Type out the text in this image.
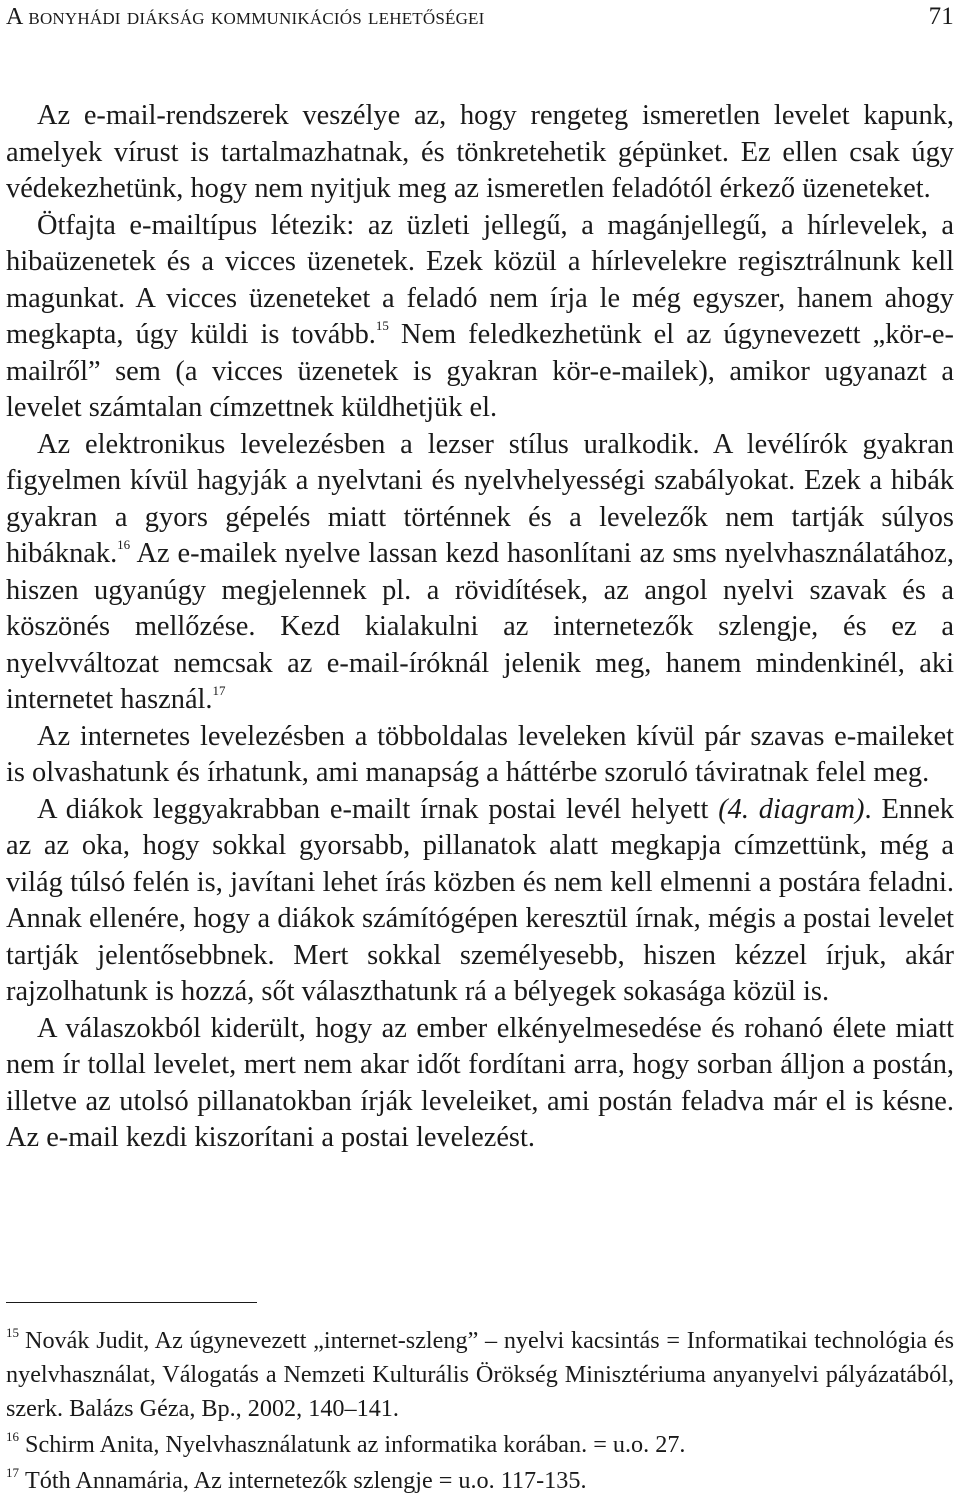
A bonyhádi diákság kommunikációs lehetőségei	71

Az e-mail-rendszerek veszélye az, hogy rengeteg ismeretlen levelet kapunk, amelyek vírust is tartalmazhatnak, és tönkretehetik gépünket. Ez ellen csak úgy védekezhetünk, hogy nem nyitjuk meg az ismeretlen feladótól érkező üzeneteket.

Ötfajta e-mailtípus létezik: az üzleti jellegű, a magánjellegű, a hírlevelek, a hibaüzenetek és a vicces üzenetek. Ezek közül a hírlevelekre regisztrálnunk kell magunkat. A vicces üzeneteket a feladó nem írja le még egyszer, hanem ahogy megkapta, úgy küldi is tovább.$^{15}$ Nem feledkezhetünk el az úgynevezett „kör-e-mailről” sem (a vicces üzenetek is gyakran kör-e-mailek), amikor ugyanazt a levelet számtalan címzettnek küldhetjük el.

Az elektronikus levelezésben a lezser stílus uralkodik. A levélírók gyakran figyelmen kívül hagyják a nyelvtani és nyelvhelyességi szabályokat. Ezek a hibák gyakran a gyors gépelés miatt történnek és a levelezők nem tartják súlyos hibáknak.$^{16}$ Az e-mailek nyelve lassan kezd hasonlítani az sms nyelvhasználatához, hiszen ugyanúgy megjelennek pl. a rövidítések, az angol nyelvi szavak és a köszönés mellőzése. Kezd kialakulni az internetezők szlengje, és ez a nyelvváltozat nemcsak az e-mail-íróknál jelenik meg, hanem mindenkinél, aki internetet használ.$^{17}$

Az internetes levelezésben a többoldalas leveleken kívül pár szavas e-maileket is olvashatunk és írhatunk, ami manapság a háttérbe szoruló táviratnak felel meg.

A diákok leggyakrabban e-mailt írnak postai levél helyett (4. diagram). Ennek az az oka, hogy sokkal gyorsabb, pillanatok alatt megkapja címzettünk, még a világ túlsó felén is, javítani lehet írás közben és nem kell elmenni a postára feladni. Annak ellenére, hogy a diákok számítógépen keresztül írnak, mégis a postai levelet tartják jelentősebbnek. Mert sokkal személyesebb, hiszen kézzel írjuk, akár rajzolhatunk is hozzá, sőt választhatunk rá a bélyegek sokasága közül is.

A válaszokból kiderült, hogy az ember elkényelmesedése és rohanó élete miatt nem ír tollal levelet, mert nem akar időt fordítani arra, hogy sorban álljon a postán, illetve az utolsó pillanatokban írják leveleiket, ami postán feladva már el is késne. Az e-mail kezdi kiszorítani a postai levelezést.

$^{15}$ Novák Judit, Az úgynevezett „internet-szleng” – nyelvi kacsintás = Informatikai technológia és nyelvhasználat, Válogatás a Nemzeti Kulturális Örökség Minisztériuma anyanyelvi pályázatából, szerk. Balázs Géza, Bp., 2002, 140–141.

$^{16}$ Schirm Anita, Nyelvhasználatunk az informatika korában. = u.o. 27.

$^{17}$ Tóth Annamária, Az internetezők szlengje = u.o. 117-135.
